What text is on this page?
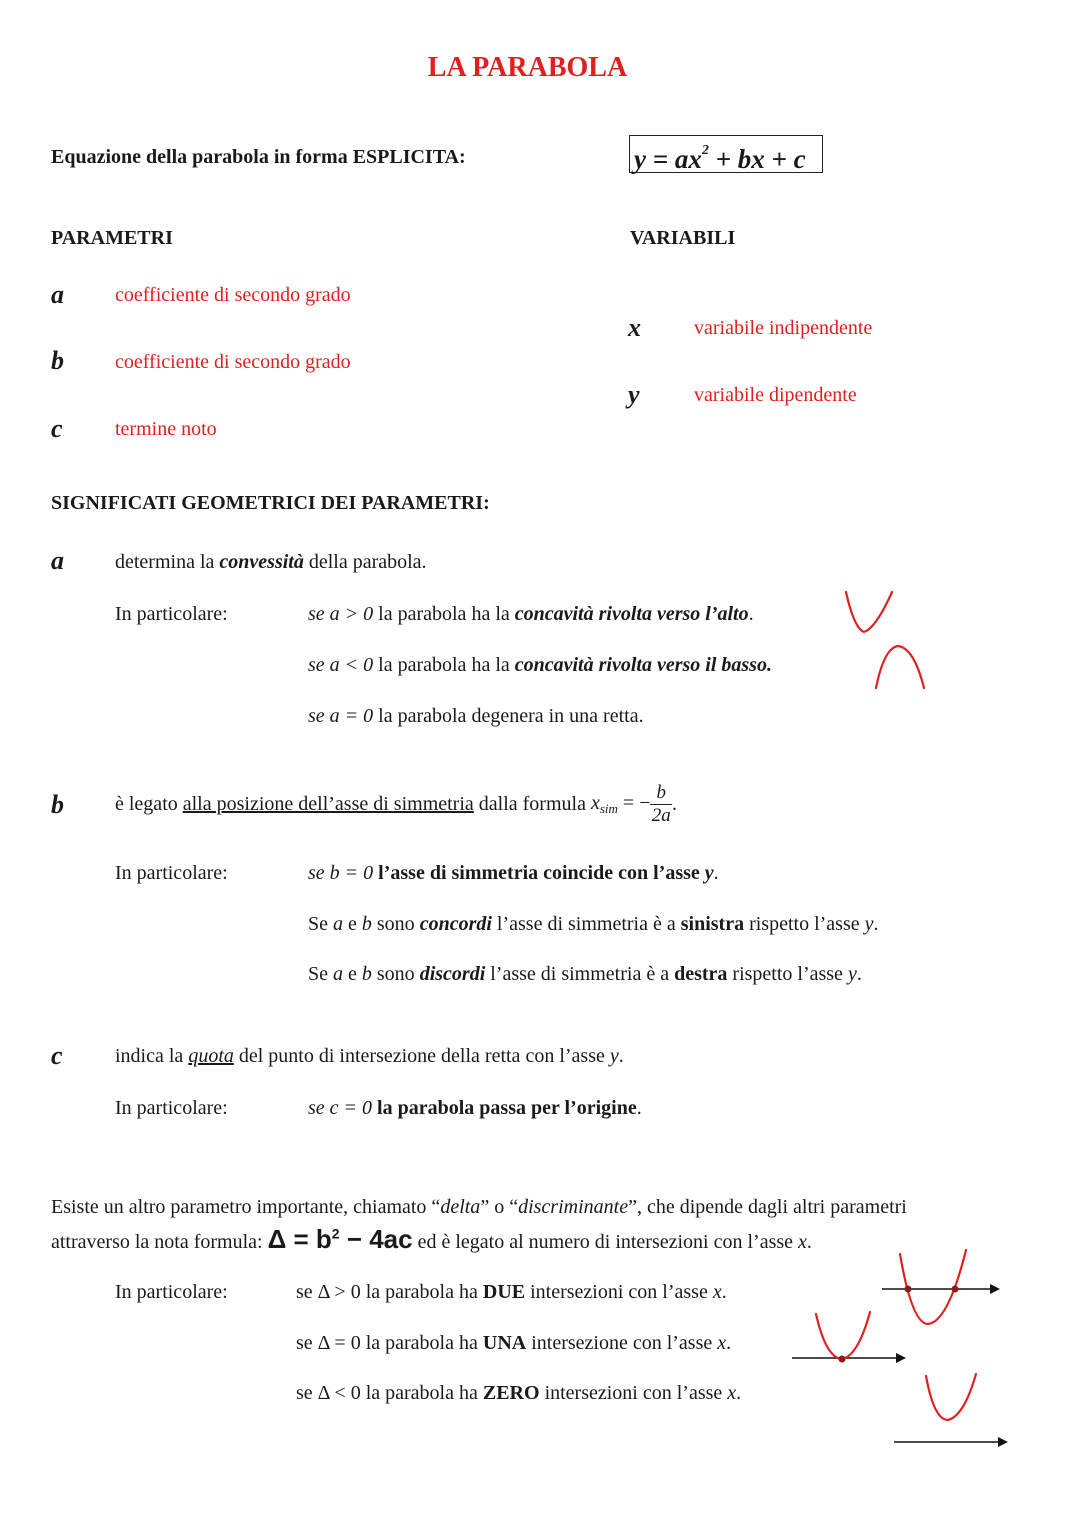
LA PARABOLA
Equazione della parabola in forma ESPLICITA:	$y = ax^2$ + bx + c
PARAMETRI	VARIABILI
a	coefficiente di secondo grado
b	coefficiente di secondo grado
c	termine noto
x	variabile indipendente
y	variabile dipendente
SIGNIFICATI GEOMETRICI DEI PARAMETRI:
a	determina la convessità della parabola.
In particolare:	se a > 0 la parabola ha la concavità rivolta verso l’alto.
se a < 0 la parabola ha la concavità rivolta verso il basso.
se a = 0 la parabola degenera in una retta.
b	è legato alla posizione dell’asse di simmetria dalla formula $x_{sim}$ = − $\frac{b}{2a}$ .
In particolare:	se b = 0 l’asse di simmetria coincide con l’asse y.
Se a e b sono concordi l’asse di simmetria è a sinistra rispetto l’asse y.
Se a e b sono discordi l’asse di simmetria è a destra rispetto l’asse y.
c	indica la quota del punto di intersezione della retta con l’asse y.
In particolare:	se c = 0 la parabola passa per l’origine.
Esiste un altro parametro importante, chiamato “delta” o “discriminante”, che dipende dagli altri parametri
attraverso la nota formula: $\Delta = b^2 - 4ac$ ed è legato al numero di intersezioni con l’asse x.
In particolare:	se Δ > 0 la parabola ha DUE intersezioni con l’asse x.
se Δ = 0 la parabola ha UNA intersezione con l’asse x.
se Δ < 0 la parabola ha ZERO intersezioni con l’asse x.
